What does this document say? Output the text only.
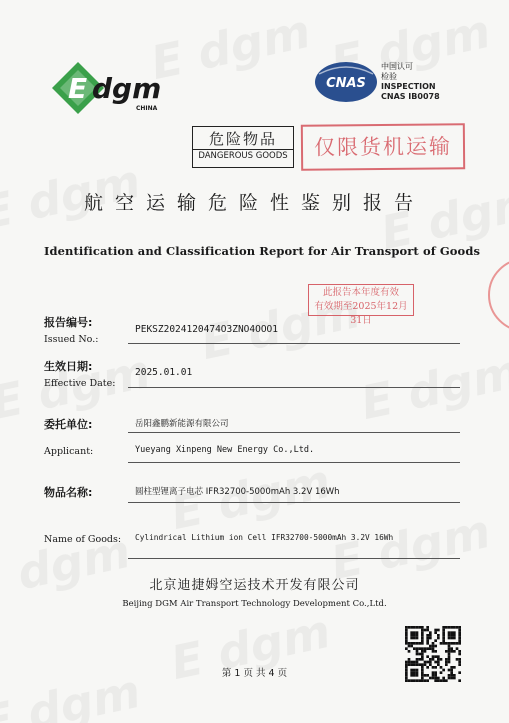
E dgm
CHINA
CNAS
中国认可
检验
INSPECTION
CNAS IB0078
危险物品
DANGEROUS GOODS	仅限货机运输
航空运输危险性鉴别报告
Identification and Classification Report for Air Transport of Goods
此报告本年度有效
有效期至2025年12月31日
报告编号:
Issued No.:
PEKSZ2024120474O3ZNO4OOO1
生效日期:
Effective Date:
2025.01.01
委托单位:	岳阳鑫鹏新能源有限公司
Applicant:	Yueyang Xinpeng New Energy Co.,Ltd.
物品名称:	圆柱型锂离子电芯 IFR32700-5000mAh 3.2V 16Wh
Name of Goods: Cylindrical Lithium ion Cell IFR32700-5000mAh 3.2V 16Wh
北京迪捷姆空运技术开发有限公司
Beijing DGM Air Transport Technology Development Co.,Ltd.
第 1 页 共 4 页
